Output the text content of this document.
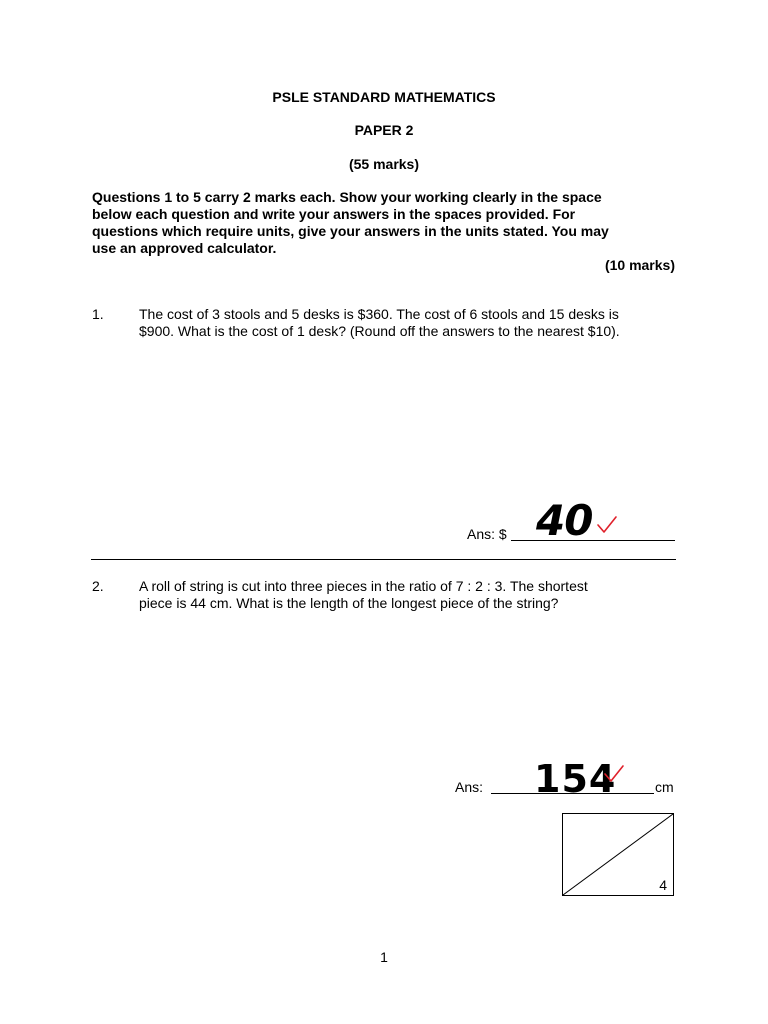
PSLE STANDARD MATHEMATICS
PAPER 2
(55 marks)
Questions 1 to 5 carry 2 marks each. Show your working clearly in the space
below each question and write your answers in the spaces provided. For
questions which require units, give your answers in the units stated. You may
use an approved calculator.
(10 marks)
1.	The cost of 3 stools and 5 desks is $360. The cost of 6 stools and 15 desks is
$900. What is the cost of 1 desk? (Round off the answers to the nearest $10).
Ans: $ 40
2.	A roll of string is cut into three pieces in the ratio of 7 : 2 : 3. The shortest
piece is 44 cm. What is the length of the longest piece of the string?
Ans: 154	cm
4
1
